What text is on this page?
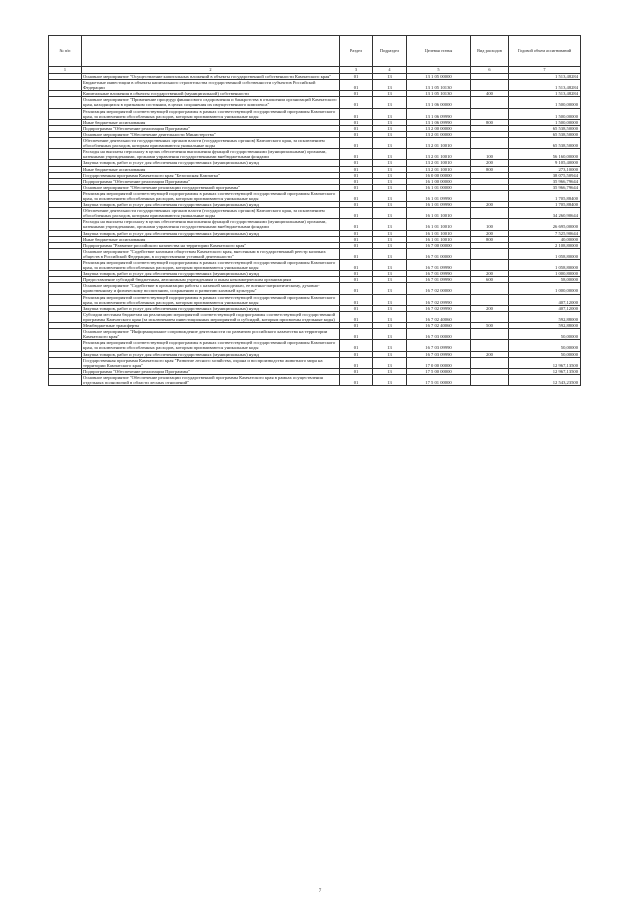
№ п/п		Раздел	Подраздел	Целевая статья	Вид расходов	Годовой объем ассигнований
1	2	3	4	5	6	7
	Основное мероприятие "Осуществление капитальных вложений в объекты государственной собственности Камчатского края"	01	13	13 1 05 00000		1 513,48284
	Бюджетные инвестиции в объекты капитального строительства государственной собственности субъектов Российской Федерации	01	13	13 1 05 10130		1 513,48284
	Капитальные вложения в объекты государственной (муниципальной) собственности	01	13	13 1 05 10130	400	1 513,48284
	Основное мероприятие "Применение процедур финансового оздоровления и банкротства в отношении организаций Камчатского края, находящихся в признаком состоянии, в целях сохранения их имущественного комплекса"	01	13	13 1 06 00000		1 500,00000
	Реализация мероприятий соответствующей подпрограммы в рамках соответствующей государственной программы Камчатского края, за исключением обособленных расходов, которым присваиваются уникальные коды	01	13	13 1 06 09990		1 500,00000
	Иные бюджетные ассигнования	01	13	13 1 06 09990	800	1 500,00000
	Подпрограмма "Обеспечение реализации Программы"	01	13	13 2 00 00000		65 538,50000
	Основное мероприятие "Обеспечение деятельности Министерства"	01	13	13 2 01 00000		65 538,50000
	Обеспечение деятельности государственных органов власти (государственных органов) Камчатского края, за исключением обособленных расходов, которым присваиваются уникальные коды	01	13	13 2 01 10010		65 538,50000
	Расходы на выплаты персоналу в целях обеспечения выполнения функций государственными (муниципальными) органами, казенными учреждениями, органами управления государственными внебюджетными фондами	01	13	13 2 01 10010	100	56 160,00000
	Закупка товаров, работ и услуг для обеспечения государственных (муниципальных) нужд	01	13	13 2 01 10010	200	9 105,40000
	Иные бюджетные ассигнования	01	13	13 2 01 10010	800	273,10000
	Государственная программа Камчатского края "Безопасная Камчатка"	01	13	16 0 00 00000		38 075,50944
	Подпрограмма "Обеспечение реализации Программы"	01	13	16 1 00 00000		35 966,79644
	Основное мероприятие "Обеспечение реализации государственной программы"	01	13	16 1 01 00000		35 966,79644
	Реализация мероприятий соответствующей подпрограммы в рамках соответствующей государственной программы Камчатского края, за исключением обособленных расходов, которым присваиваются уникальные коды	01	13	16 1 01 09990		1 705,88400
	Закупка товаров, работ и услуг для обеспечения государственных (муниципальных) нужд	01	13	16 1 01 09990	200	1 705,88400
	Обеспечение деятельности государственных органов власти (государственных органов) Камчатского края, за исключением обособленных расходов, которым присваиваются уникальные коды	01	13	16 1 01 10010		34 260,90644
	Расходы на выплаты персоналу в целях обеспечения выполнения функций государственными (муниципальными) органами, казенными учреждениями, органами управления государственными внебюджетными фондами	01	13	16 1 01 10010	100	26 695,00000
	Закупка товаров, работ и услуг для обеспечения государственных (муниципальных) нужд	01	13	16 1 01 10010	200	7 525,90644
	Иные бюджетные ассигнования	01	13	16 1 01 10010	800	40,00000
	Подпрограмма "Развитие российского казачества на территории Камчатского края"	01	13	16 7 00 00000		2 108,80000
	Основное мероприятие "Содействие казачьим обществам Камчатского края, внесенным в государственный реестр казачьих обществ в Российской Федерации, в осуществлении уставной деятельности"	01	13	16 7 01 00000		1 058,80000
	Реализация мероприятий соответствующей подпрограммы в рамках соответствующей государственной программы Камчатского края, за исключением обособленных расходов, которым присваиваются уникальные коды	01	13	16 7 01 09990		1 058,80000
	Закупка товаров, работ и услуг для обеспечения государственных (муниципальных) нужд	01	13	16 7 01 09990	200	1 000,80000
	Предоставление субсидий бюджетным, автономным учреждениям и иным некоммерческим организациям	01	13	16 7 01 09990	600	58,00000
	Основное мероприятие "Содействие в организации работы с казачьей молодежью, ее военно-патриотическому, духовно-нравственному и физическому воспитанию, сохранению и развитию казачьей культуры"	01	13	16 7 02 00000		1 000,00000
	Реализация мероприятий соответствующей подпрограммы в рамках соответствующей государственной программы Камчатского края, за исключением обособленных расходов, которым присваиваются уникальные коды	01	13	16 7 02 09990		407,12000
	Закупка товаров, работ и услуг для обеспечения государственных (муниципальных) нужд	01	13	16 7 02 09990	200	407,12000
	Субсидии местным бюджетам на реализацию мероприятий соответствующей подпрограммы соответствующей государственной программы Камчатского края (за исключением инвестиционных мероприятий и субсидий, которым присвоены отдельные коды)	01	13	16 7 02 40060		592,88000
	Межбюджетные трансферты	01	13	16 7 02 40060	500	592,88000
	Основное мероприятие "Информационное сопровождение деятельности по развитию российского казачества на территории Камчатского края"	01	13	16 7 03 00000		50,00000
	Реализация мероприятий соответствующей подпрограммы в рамках соответствующей государственной программы Камчатского края, за исключением обособленных расходов, которым присваиваются уникальные коды	01	13	16 7 03 09990		50,00000
	Закупка товаров, работ и услуг для обеспечения государственных (муниципальных) нужд	01	13	16 7 03 09990	200	50,00000
	Государственная программа Камчатского края "Развитие лесного хозяйства, охрана и воспроизводство животного мира на территории Камчатского края"	01	13	17 0 00 00000		12 967,13500
	Подпрограмма "Обеспечение реализации Программы"	01	13	17 5 00 00000		12 967,13500
	Основное мероприятие "Обеспечение реализации государственной программы Камчатского края в рамках осуществления отдельных полномочий в области лесных отношений"	01	13	17 5 01 00000		12 543,23500
7
